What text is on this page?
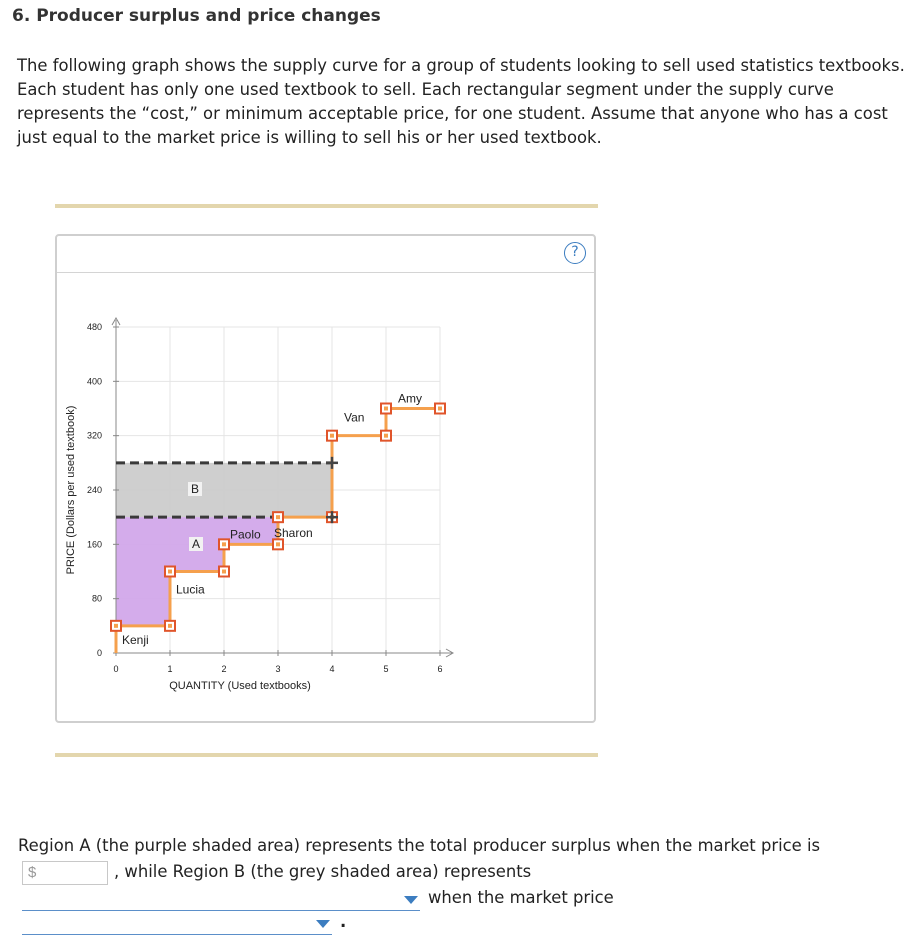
6. Producer surplus and price changes

The following graph shows the supply curve for a group of students looking to sell used statistics textbooks. Each student has only one used textbook to sell. Each rectangular segment under the supply curve represents the “cost,” or minimum acceptable price, for one student. Assume that anyone who has a cost just equal to the market price is willing to sell his or her used textbook.

?
0	1	2	3	4	5	6
0
80
160
240
320
400
480
QUANTITY (Used textbooks)
PRICE (Dollars per used textbook)
Kenji
Lucia
Paolo Sharon
Van
Amy
A
B
Region A (the purple shaded area) represents the total producer surplus when the market price is
, while Region B (the grey shaded area) represents
when the market price
.
$
